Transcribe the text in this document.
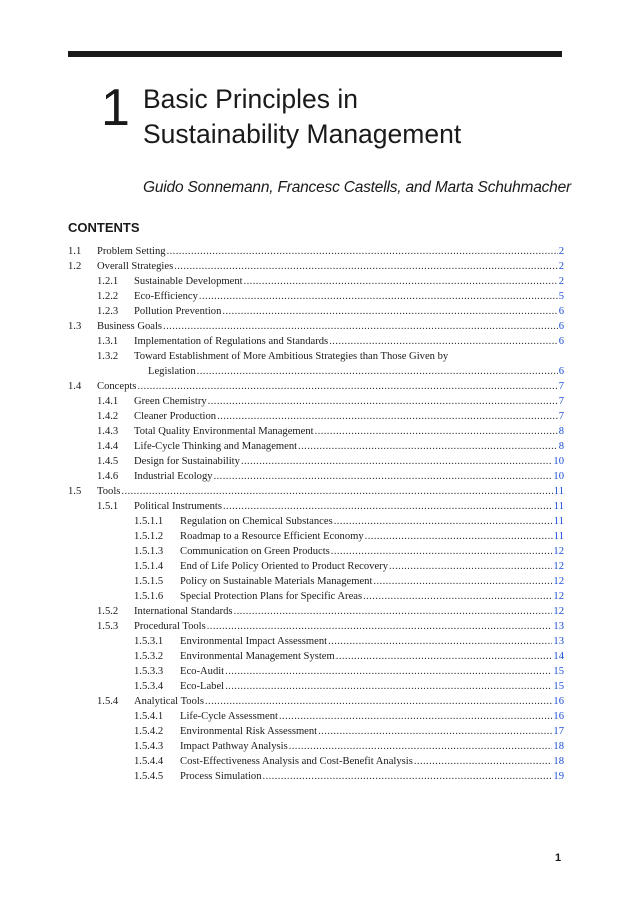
1 Basic Principles in
Sustainability Management
Guido Sonnemann, Francesc Castells, and Marta Schuhmacher
CONTENTS
1.1 Problem Setting .....	2
1.2 Overall Strategies .....	2
1.2.1 Sustainable Development .....	2
1.2.2 Eco-Efficiency .....	5
1.2.3 Pollution Prevention .....	6
1.3 Business Goals .....	6
1.3.1 Implementation of Regulations and Standards .....	6
1.3.2 Toward Establishment of More Ambitious Strategies than Those Given by
Legislation .....	6
1.4 Concepts .....	7
1.4.1 Green Chemistry .....	7
1.4.2 Cleaner Production .....	7
1.4.3 Total Quality Environmental Management .....	8
1.4.4 Life-Cycle Thinking and Management .....	8
1.4.5 Design for Sustainability .....	10
1.4.6 Industrial Ecology .....	10
1.5 Tools .....	11
1.5.1 Political Instruments .....	11
1.5.1.1 Regulation on Chemical Substances .....	11
1.5.1.2 Roadmap to a Resource Efficient Economy .....	11
1.5.1.3 Communication on Green Products .....	12
1.5.1.4 End of Life Policy Oriented to Product Recovery .....	12
1.5.1.5 Policy on Sustainable Materials Management .....	12
1.5.1.6 Special Protection Plans for Specific Areas .....	12
1.5.2 International Standards .....	12
1.5.3 Procedural Tools .....	13
1.5.3.1 Environmental Impact Assessment .....	13
1.5.3.2 Environmental Management System .....	14
1.5.3.3 Eco-Audit .....	15
1.5.3.4 Eco-Label .....	15
1.5.4 Analytical Tools .....	16
1.5.4.1 Life-Cycle Assessment .....	16
1.5.4.2 Environmental Risk Assessment .....	17
1.5.4.3 Impact Pathway Analysis .....	18
1.5.4.4 Cost-Effectiveness Analysis and Cost-Benefit Analysis .....	18
1.5.4.5 Process Simulation .....	19
1
